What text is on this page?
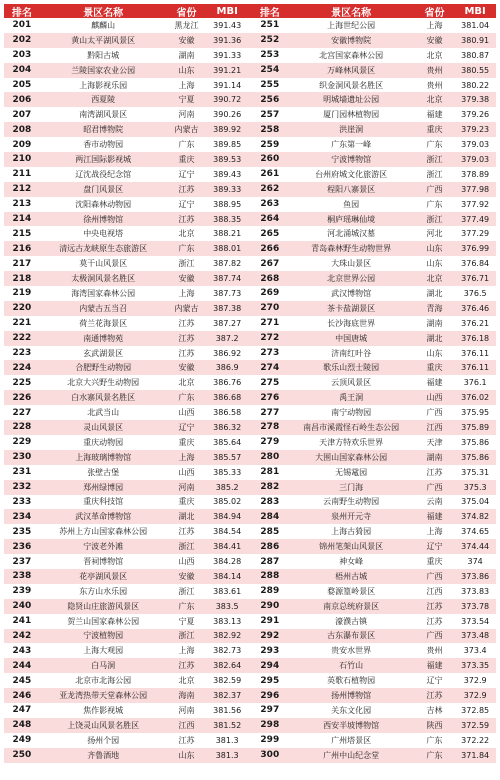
排名	景区名称	省份	MBI	排名	景区名称	省份	MBI
201	麒麟山	黑龙江	391.43	251	上海世纪公园	上海	381.04
202	黄山太平湖风景区	安徽	391.36	252	安徽博物院	安徽	380.91
203	黔阳古城	湖南	391.33	253	北宫国家森林公园	北京	380.87
204	兰陵国家农业公园	山东	391.21	254	万峰林风景区	贵州	380.55
205	上海影视乐园	上海	391.14	255	织金洞风景名胜区	贵州	380.22
206	西夏陵	宁夏	390.72	256	明城墙遗址公园	北京	379.38
207	南湾湖风景区	河南	390.26	257	厦门园林植物园	福建	379.26
208	昭君博物院	内蒙古	389.92	258	洪崖洞	重庆	379.23
209	香市动物园	广东	389.85	259	广东第一峰	广东	379.03
210	两江国际影视城	重庆	389.53	260	宁波博物馆	浙江	379.03
211	辽沈战役纪念馆	辽宁	389.43	261	台州府城文化旅游区	浙江	378.89
212	盘门风景区	江苏	389.33	262	程阳八寨景区	广西	377.98
213	沈阳森林动物园	辽宁	388.95	263	鱼园	广东	377.92
214	徐州博物馆	江苏	388.35	264	桐庐瑶琳仙境	浙江	377.49
215	中央电视塔	北京	388.21	265	河北涌城汉墓	河北	377.29
216	清远古龙峡原生态旅游区	广东	388.01	266	青岛森林野生动物世界	山东	376.99
217	莫干山风景区	浙江	387.82	267	大珠山景区	山东	376.84
218	太极洞风景名胜区	安徽	387.74	268	北京世界公园	北京	376.71
219	海湾国家森林公园	上海	387.73	269	武汉博物馆	湖北	376.5
220	内蒙古五当召	内蒙古	387.38	270	茶卡盐湖景区	青海	376.46
221	荷兰花海景区	江苏	387.27	271	长沙海底世界	湖南	376.21
222	南通博物苑	江苏	387.2	272	中国唐城	湖北	376.18
223	玄武湖景区	江苏	386.92	273	济南红叶谷	山东	376.11
224	合肥野生动物园	安徽	386.9	274	歌乐山烈士陵园	重庆	376.11
225	北京大兴野生动物园	北京	386.76	275	云顶风景区	福建	376.1
226	白水寨风景名胜区	广东	386.68	276	禹王洞	山西	376.02
227	北武当山	山西	386.58	277	南宁动物园	广西	375.95
228	灵山风景区	辽宁	386.32	278	南昌市溪霞怪石岭生态公园	江西	375.89
229	重庆动物园	重庆	385.64	279	天津方特欢乐世界	天津	375.86
230	上海玻璃博物馆	上海	385.57	280	大围山国家森林公园	湖南	375.86
231	张壁古堡	山西	385.33	281	无锡鼋园	江苏	375.31
232	郑州绿博园	河南	385.2	282	三门海	广西	375.3
233	重庆科技馆	重庆	385.02	283	云南野生动物园	云南	375.04
234	武汉革命博物馆	湖北	384.94	284	泉州开元寺	福建	374.82
235	苏州上方山国家森林公园	江苏	384.54	285	上海古猗园	上海	374.65
236	宁波老外滩	浙江	384.41	286	锦州笔架山风景区	辽宁	374.44
237	晋祠博物馆	山西	384.28	287	神女峰	重庆	374
238	花亭湖风景区	安徽	384.14	288	梧州古城	广西	373.86
239	东方山水乐园	浙江	383.61	289	婺源篁岭景区	江西	373.83
240	隐贤山庄旅游风景区	广东	383.5	290	南京总统府景区	江苏	373.78
241	贺兰山国家森林公园	宁夏	383.13	291	濠濮古镇	江苏	373.54
242	宁波植物园	浙江	382.92	292	古东瀑布景区	广西	373.48
243	上海大观园	上海	382.73	293	贵安水世界	贵州	373.4
244	白马洞	江苏	382.64	294	石竹山	福建	373.35
245	北京市北海公园	北京	382.59	295	英歌石植物园	辽宁	372.9
246	亚龙湾热带天堂森林公园	海南	382.37	296	扬州博物馆	江苏	372.9
247	焦作影视城	河南	381.56	297	关东文化园	吉林	372.85
248	上饶灵山风景名胜区	江西	381.52	298	西安半坡博物馆	陕西	372.59
249	扬州个园	江苏	381.3	299	广州塔景区	广东	372.22
250	齐鲁酒地	山东	381.3	300	广州中山纪念堂	广东	371.84
